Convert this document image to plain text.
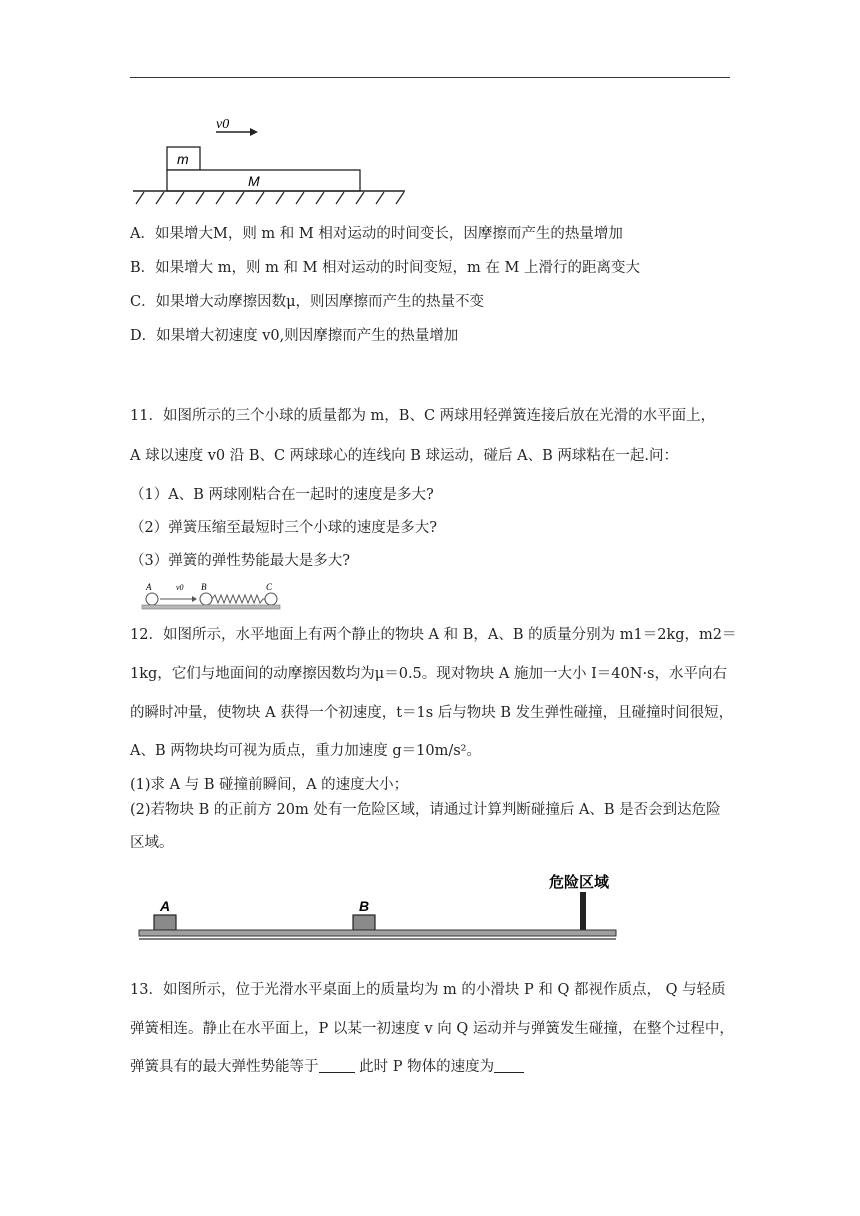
v0
m
M
A．如果增大M，则 m 和 M 相对运动的时间变长，因摩擦而产生的热量增加
B．如果增大 m，则 m 和 M 相对运动的时间变短，m 在 M 上滑行的距离变大
C．如果增大动摩擦因数μ，则因摩擦而产生的热量不变
D．如果增大初速度 v0,则因摩擦而产生的热量增加
11．如图所示的三个小球的质量都为 m，B、C 两球用轻弹簧连接后放在光滑的水平面上，
A 球以速度 v0 沿 B、C 两球球心的连线向 B 球运动，碰后 A、B 两球粘在一起.问：
（1）A、B 两球刚粘合在一起时的速度是多大?
（2）弹簧压缩至最短时三个小球的速度是多大?
（3）弹簧的弹性势能最大是多大?
A	v0 B	C
12．如图所示，水平地面上有两个静止的物块 A 和 B，A、B 的质量分别为 m1＝2kg，m2＝
1kg，它们与地面间的动摩擦因数均为μ＝0.5。现对物块 A 施加一大小 I＝40N·s，水平向右
的瞬时冲量，使物块 A 获得一个初速度，t＝1s 后与物块 B 发生弹性碰撞，且碰撞时间很短，
A、B 两物块均可视为质点，重力加速度 g＝10m/s²。
(1)求 A 与 B 碰撞前瞬间，A 的速度大小；
(2)若物块 B 的正前方 20m 处有一危险区域，请通过计算判断碰撞后 A、B 是否会到达危险
区域。
A	B
危险区域
13．如图所示，位于光滑水平桌面上的质量均为 m 的小滑块 P 和 Q 都视作质点， Q 与轻质
弹簧相连。静止在水平面上，P 以某一初速度 v 向 Q 运动并与弹簧发生碰撞，在整个过程中，
弹簧具有的最大弹性势能等于 此时 P 物体的速度为
